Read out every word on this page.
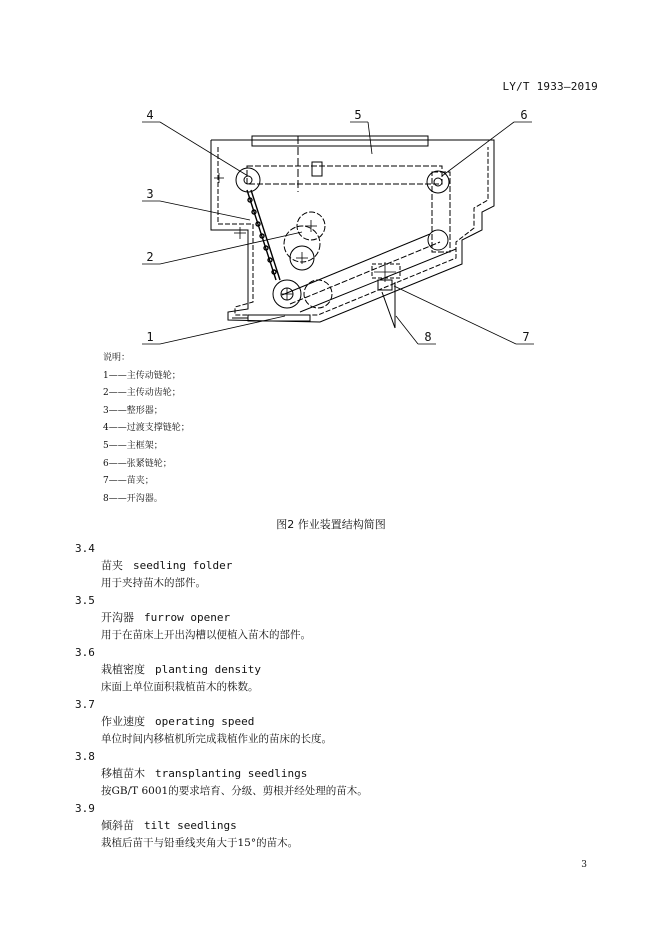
LY/T 1933—2019
4	5	6
3
2
1	8	7
说明：
1——主传动链轮；
2——主传动齿轮；
3——整形器；
4——过渡支撑链轮；
5——主框架；
6——张紧链轮；
7——苗夹；
8——开沟器。
图2 作业装置结构简图
3.4
苗夹 seedling folder
用于夹持苗木的部件。
3.5
开沟器 furrow opener
用于在苗床上开出沟槽以便植入苗木的部件。
3.6
栽植密度 planting density
床面上单位面积栽植苗木的株数。
3.7
作业速度 operating speed
单位时间内移植机所完成栽植作业的苗床的长度。
3.8
移植苗木 transplanting seedlings
按GB/T 6001的要求培育、分级、剪根并经处理的苗木。
3.9
倾斜苗 tilt seedlings
栽植后苗干与铅垂线夹角大于15°的苗木。
3
